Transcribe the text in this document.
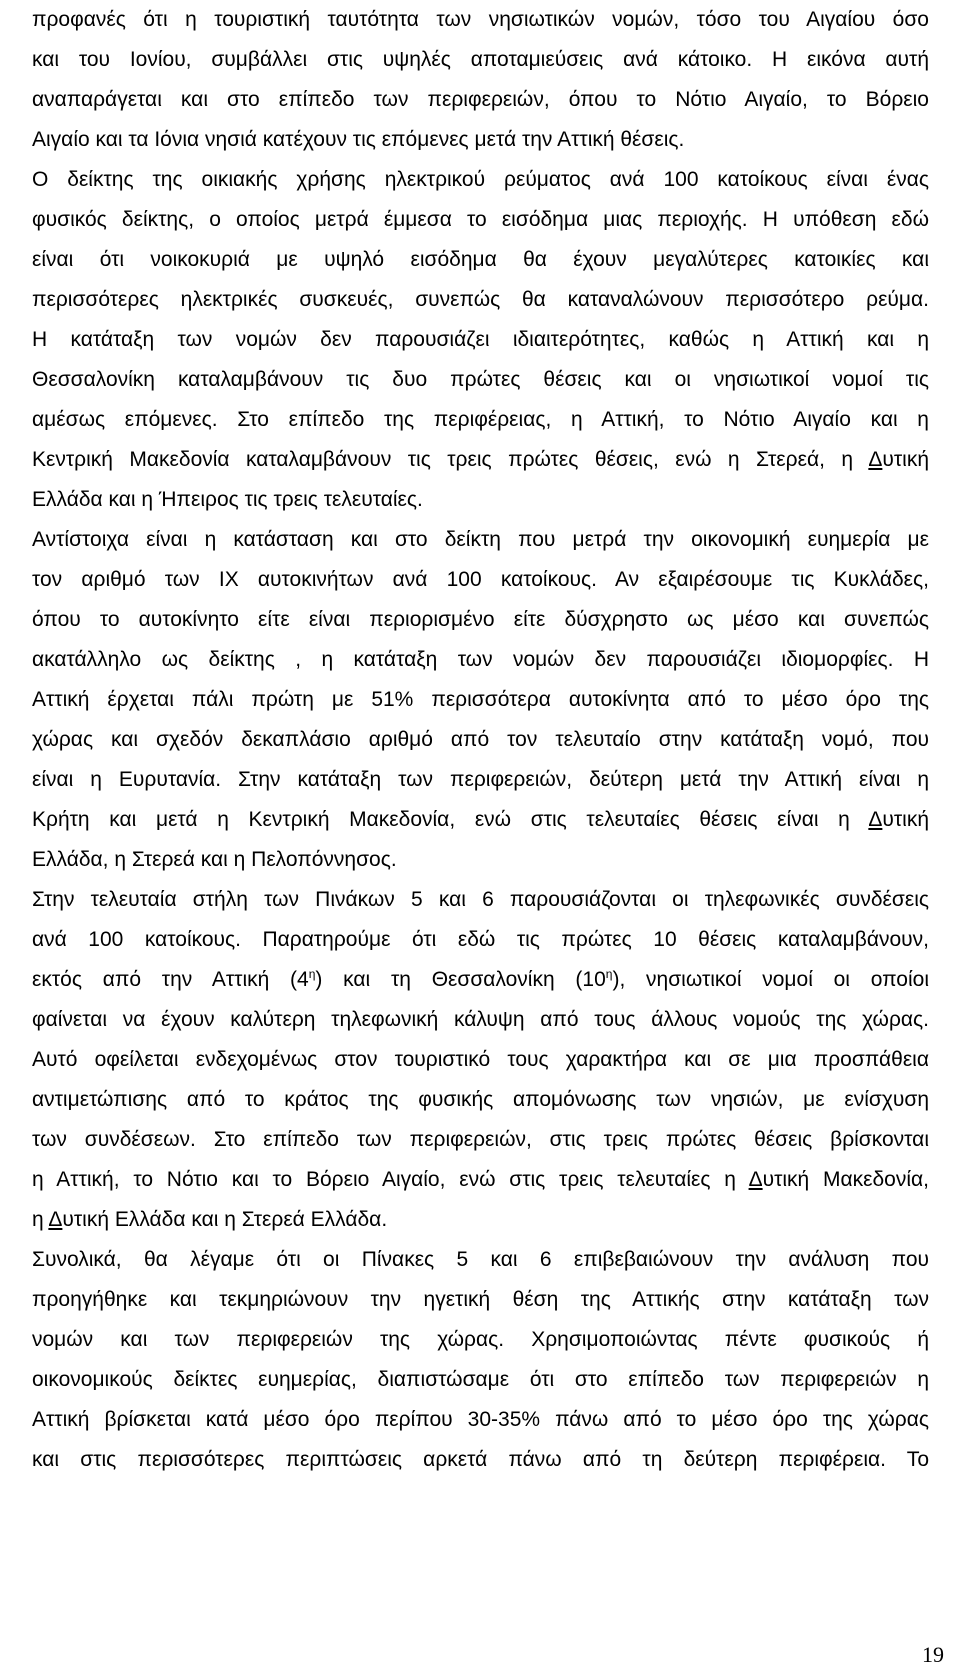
προφανές ότι η τουριστική ταυτότητα των νησιωτικών νομών, τόσο του Αιγαίου όσο
και του Ιονίου, συμβάλλει στις υψηλές αποταμιεύσεις ανά κάτοικο. Η εικόνα αυτή
αναπαράγεται και στο επίπεδο των περιφερειών, όπου το Νότιο Αιγαίο, το Βόρειο
Αιγαίο και τα Ιόνια νησιά κατέχουν τις επόμενες μετά την Αττική θέσεις.
Ο δείκτης της οικιακής χρήσης ηλεκτρικού ρεύματος ανά 100 κατοίκους είναι ένας
φυσικός δείκτης, ο οποίος μετρά έμμεσα το εισόδημα μιας περιοχής. Η υπόθεση εδώ
είναι ότι νοικοκυριά με υψηλό εισόδημα θα έχουν μεγαλύτερες κατοικίες και
περισσότερες ηλεκτρικές συσκευές, συνεπώς θα καταναλώνουν περισσότερο ρεύμα.
Η κατάταξη των νομών δεν παρουσιάζει ιδιαιτερότητες, καθώς η Αττική και η
Θεσσαλονίκη καταλαμβάνουν τις δυο πρώτες θέσεις και οι νησιωτικοί νομοί τις
αμέσως επόμενες. Στο επίπεδο της περιφέρειας, η Αττική, το Νότιο Αιγαίο και η
Κεντρική Μακεδονία καταλαμβάνουν τις τρεις πρώτες θέσεις, ενώ η Στερεά, η Δυτική
Ελλάδα και η Ήπειρος τις τρεις τελευταίες.
Αντίστοιχα είναι η κατάσταση και στο δείκτη που μετρά την οικονομική ευημερία με
τον αριθμό των ΙΧ αυτοκινήτων ανά 100 κατοίκους. Αν εξαιρέσουμε τις Κυκλάδες,
όπου το αυτοκίνητο είτε είναι περιορισμένο είτε δύσχρηστο ως μέσο και συνεπώς
ακατάλληλο ως δείκτης , η κατάταξη των νομών δεν παρουσιάζει ιδιομορφίες. Η
Αττική έρχεται πάλι πρώτη με 51% περισσότερα αυτοκίνητα από το μέσο όρο της
χώρας και σχεδόν δεκαπλάσιο αριθμό από τον τελευταίο στην κατάταξη νομό, που
είναι η Ευρυτανία. Στην κατάταξη των περιφερειών, δεύτερη μετά την Αττική είναι η
Κρήτη και μετά η Κεντρική Μακεδονία, ενώ στις τελευταίες θέσεις είναι η Δυτική
Ελλάδα, η Στερεά και η Πελοπόννησος.
Στην τελευταία στήλη των Πινάκων 5 και 6 παρουσιάζονται οι τηλεφωνικές συνδέσεις
ανά 100 κατοίκους. Παρατηρούμε ότι εδώ τις πρώτες 10 θέσεις καταλαμβάνουν,
εκτός από την Αττική $(4^\eta)$ και τη Θεσσαλονίκη $(10^\eta)$, νησιωτικοί νομοί οι οποίοι
φαίνεται να έχουν καλύτερη τηλεφωνική κάλυψη από τους άλλους νομούς της χώρας.
Αυτό οφείλεται ενδεχομένως στον τουριστικό τους χαρακτήρα και σε μια προσπάθεια
αντιμετώπισης από το κράτος της φυσικής απομόνωσης των νησιών, με ενίσχυση
των συνδέσεων. Στο επίπεδο των περιφερειών, στις τρεις πρώτες θέσεις βρίσκονται
η Αττική, το Νότιο και το Βόρειο Αιγαίο, ενώ στις τρεις τελευταίες η Δυτική Μακεδονία,
η Δυτική Ελλάδα και η Στερεά Ελλάδα.
Συνολικά, θα λέγαμε ότι οι Πίνακες 5 και 6 επιβεβαιώνουν την ανάλυση που
προηγήθηκε και τεκμηριώνουν την ηγετική θέση της Αττικής στην κατάταξη των
νομών και των περιφερειών της χώρας. Χρησιμοποιώντας πέντε φυσικούς ή
οικονομικούς δείκτες ευημερίας, διαπιστώσαμε ότι στο επίπεδο των περιφερειών η
Αττική βρίσκεται κατά μέσο όρο περίπου 30-35% πάνω από το μέσο όρο της χώρας
και στις περισσότερες περιπτώσεις αρκετά πάνω από τη δεύτερη περιφέρεια. Το
19
